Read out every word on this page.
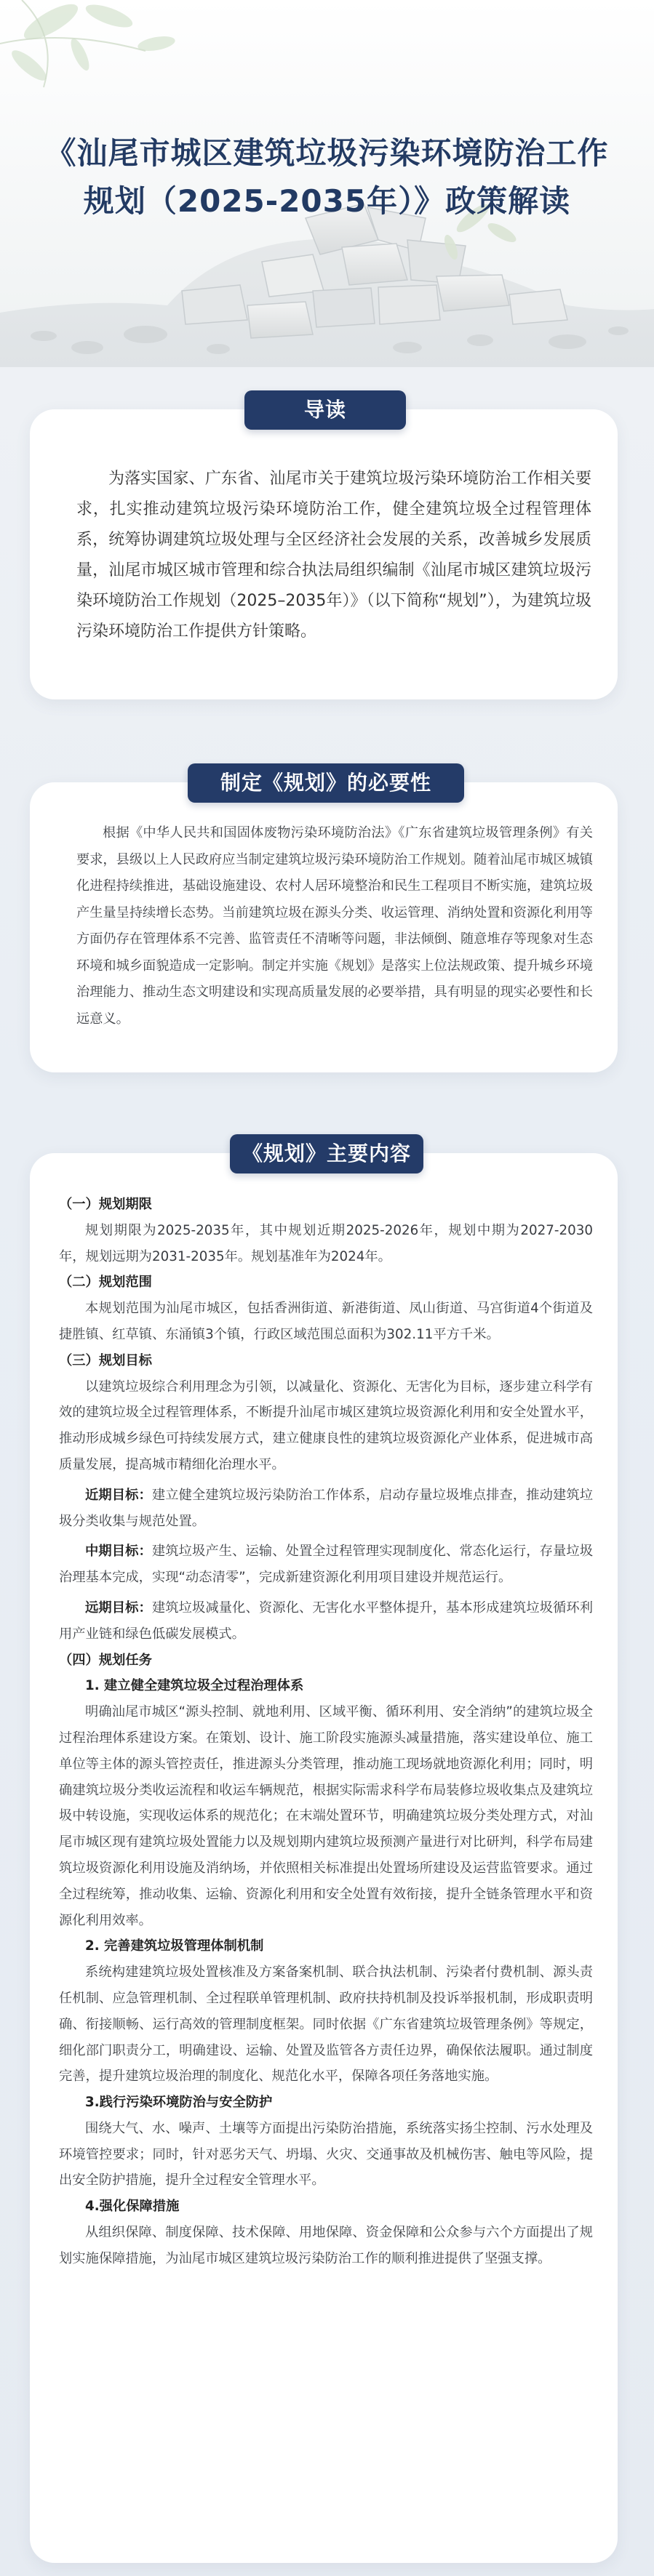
《汕尾市城区建筑垃圾污染环境防治工作
规划（2025-2035年）》政策解读
为落实国家、广东省、汕尾市关于建筑垃圾污染环境防治工作相关要求，扎实推动建筑垃圾污染环境防治工作，健全建筑垃圾全过程管理体系，统筹协调建筑垃圾处理与全区经济社会发展的关系，改善城乡发展质量，汕尾市城区城市管理和综合执法局组织编制《汕尾市城区建筑垃圾污染环境防治工作规划（2025–2035年）》（以下简称“规划”），为建筑垃圾污染环境防治工作提供方针策略。
导读
根据《中华人民共和国固体废物污染环境防治法》《广东省建筑垃圾管理条例》有关要求，县级以上人民政府应当制定建筑垃圾污染环境防治工作规划。随着汕尾市城区城镇化进程持续推进，基础设施建设、农村人居环境整治和民生工程项目不断实施，建筑垃圾产生量呈持续增长态势。当前建筑垃圾在源头分类、收运管理、消纳处置和资源化利用等方面仍存在管理体系不完善、监管责任不清晰等问题，非法倾倒、随意堆存等现象对生态环境和城乡面貌造成一定影响。制定并实施《规划》是落实上位法规政策、提升城乡环境治理能力、推动生态文明建设和实现高质量发展的必要举措，具有明显的现实必要性和长远意义。
制定《规划》的必要性
（一）规划期限
规划期限为2025-2035年，其中规划近期2025-2026年，规划中期为2027-2030年，规划远期为2031-2035年。规划基准年为2024年。
（二）规划范围
本规划范围为汕尾市城区，包括香洲街道、新港街道、凤山街道、马宫街道4个街道及捷胜镇、红草镇、东涌镇3个镇，行政区域范围总面积为302.11平方千米。
（三）规划目标
以建筑垃圾综合利用理念为引领，以减量化、资源化、无害化为目标，逐步建立科学有效的建筑垃圾全过程管理体系，不断提升汕尾市城区建筑垃圾资源化利用和安全处置水平，推动形成城乡绿色可持续发展方式，建立健康良性的建筑垃圾资源化产业体系，促进城市高质量发展，提高城市精细化治理水平。
近期目标：建立健全建筑垃圾污染防治工作体系，启动存量垃圾堆点排查，推动建筑垃圾分类收集与规范处置。
中期目标：建筑垃圾产生、运输、处置全过程管理实现制度化、常态化运行，存量垃圾治理基本完成，实现“动态清零”，完成新建资源化利用项目建设并规范运行。
远期目标：建筑垃圾减量化、资源化、无害化水平整体提升，基本形成建筑垃圾循环利用产业链和绿色低碳发展模式。
（四）规划任务
1. 建立健全建筑垃圾全过程治理体系
明确汕尾市城区“源头控制、就地利用、区域平衡、循环利用、安全消纳”的建筑垃圾全过程治理体系建设方案。在策划、设计、施工阶段实施源头减量措施，落实建设单位、施工单位等主体的源头管控责任，推进源头分类管理，推动施工现场就地资源化利用；同时，明确建筑垃圾分类收运流程和收运车辆规范，根据实际需求科学布局装修垃圾收集点及建筑垃圾中转设施，实现收运体系的规范化；在末端处置环节，明确建筑垃圾分类处理方式，对汕尾市城区现有建筑垃圾处置能力以及规划期内建筑垃圾预测产量进行对比研判，科学布局建筑垃圾资源化利用设施及消纳场，并依照相关标准提出处置场所建设及运营监管要求。通过全过程统筹，推动收集、运输、资源化利用和安全处置有效衔接，提升全链条管理水平和资源化利用效率。
2. 完善建筑垃圾管理体制机制
系统构建建筑垃圾处置核准及方案备案机制、联合执法机制、污染者付费机制、源头责任机制、应急管理机制、全过程联单管理机制、政府扶持机制及投诉举报机制，形成职责明确、衔接顺畅、运行高效的管理制度框架。同时依据《广东省建筑垃圾管理条例》等规定，细化部门职责分工，明确建设、运输、处置及监管各方责任边界，确保依法履职。通过制度完善，提升建筑垃圾治理的制度化、规范化水平，保障各项任务落地实施。
3.践行污染环境防治与安全防护
围绕大气、水、噪声、土壤等方面提出污染防治措施，系统落实扬尘控制、污水处理及环境管控要求；同时，针对恶劣天气、坍塌、火灾、交通事故及机械伤害、触电等风险，提出安全防护措施，提升全过程安全管理水平。
4.强化保障措施
从组织保障、制度保障、技术保障、用地保障、资金保障和公众参与六个方面提出了规划实施保障措施，为汕尾市城区建筑垃圾污染防治工作的顺利推进提供了坚强支撑。
《规划》主要内容
